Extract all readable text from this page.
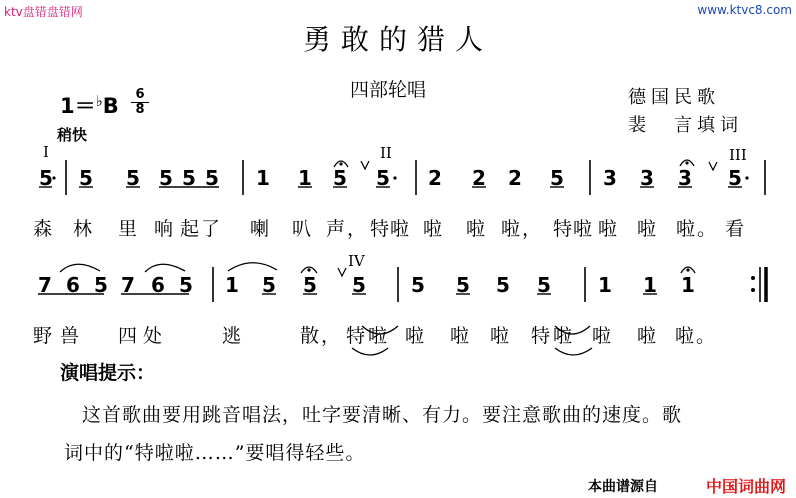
ktv盘错盘错网	www.ktvc8.com
勇敢的猎人
四部轮唱	德国民歌
裴　言填词
1＝♭B	6
8
稍快
I	II	III
IV
5 5 5 5 5 5 1 1 5 5 2 2 2 5 3 3 3 5
7 6 5 7 6 5 1 5 5 5 5 5 5 5 1 1 1
森 林 里 响 起了 喇 叭 声， 特
啦 啦 啦 啦， 特
啦 啦 啦 啦。 看
野 兽 四 处	逃	散， 特 啦 啦 啦 啦 特 啦 啦 啦 啦。
演唱提示：
这首歌曲要用跳音唱法，吐字要清晰、有力。要注意歌曲的速度。歌
词中的“特啦啦……”要唱得轻些。
本曲谱源自	中国词曲网
